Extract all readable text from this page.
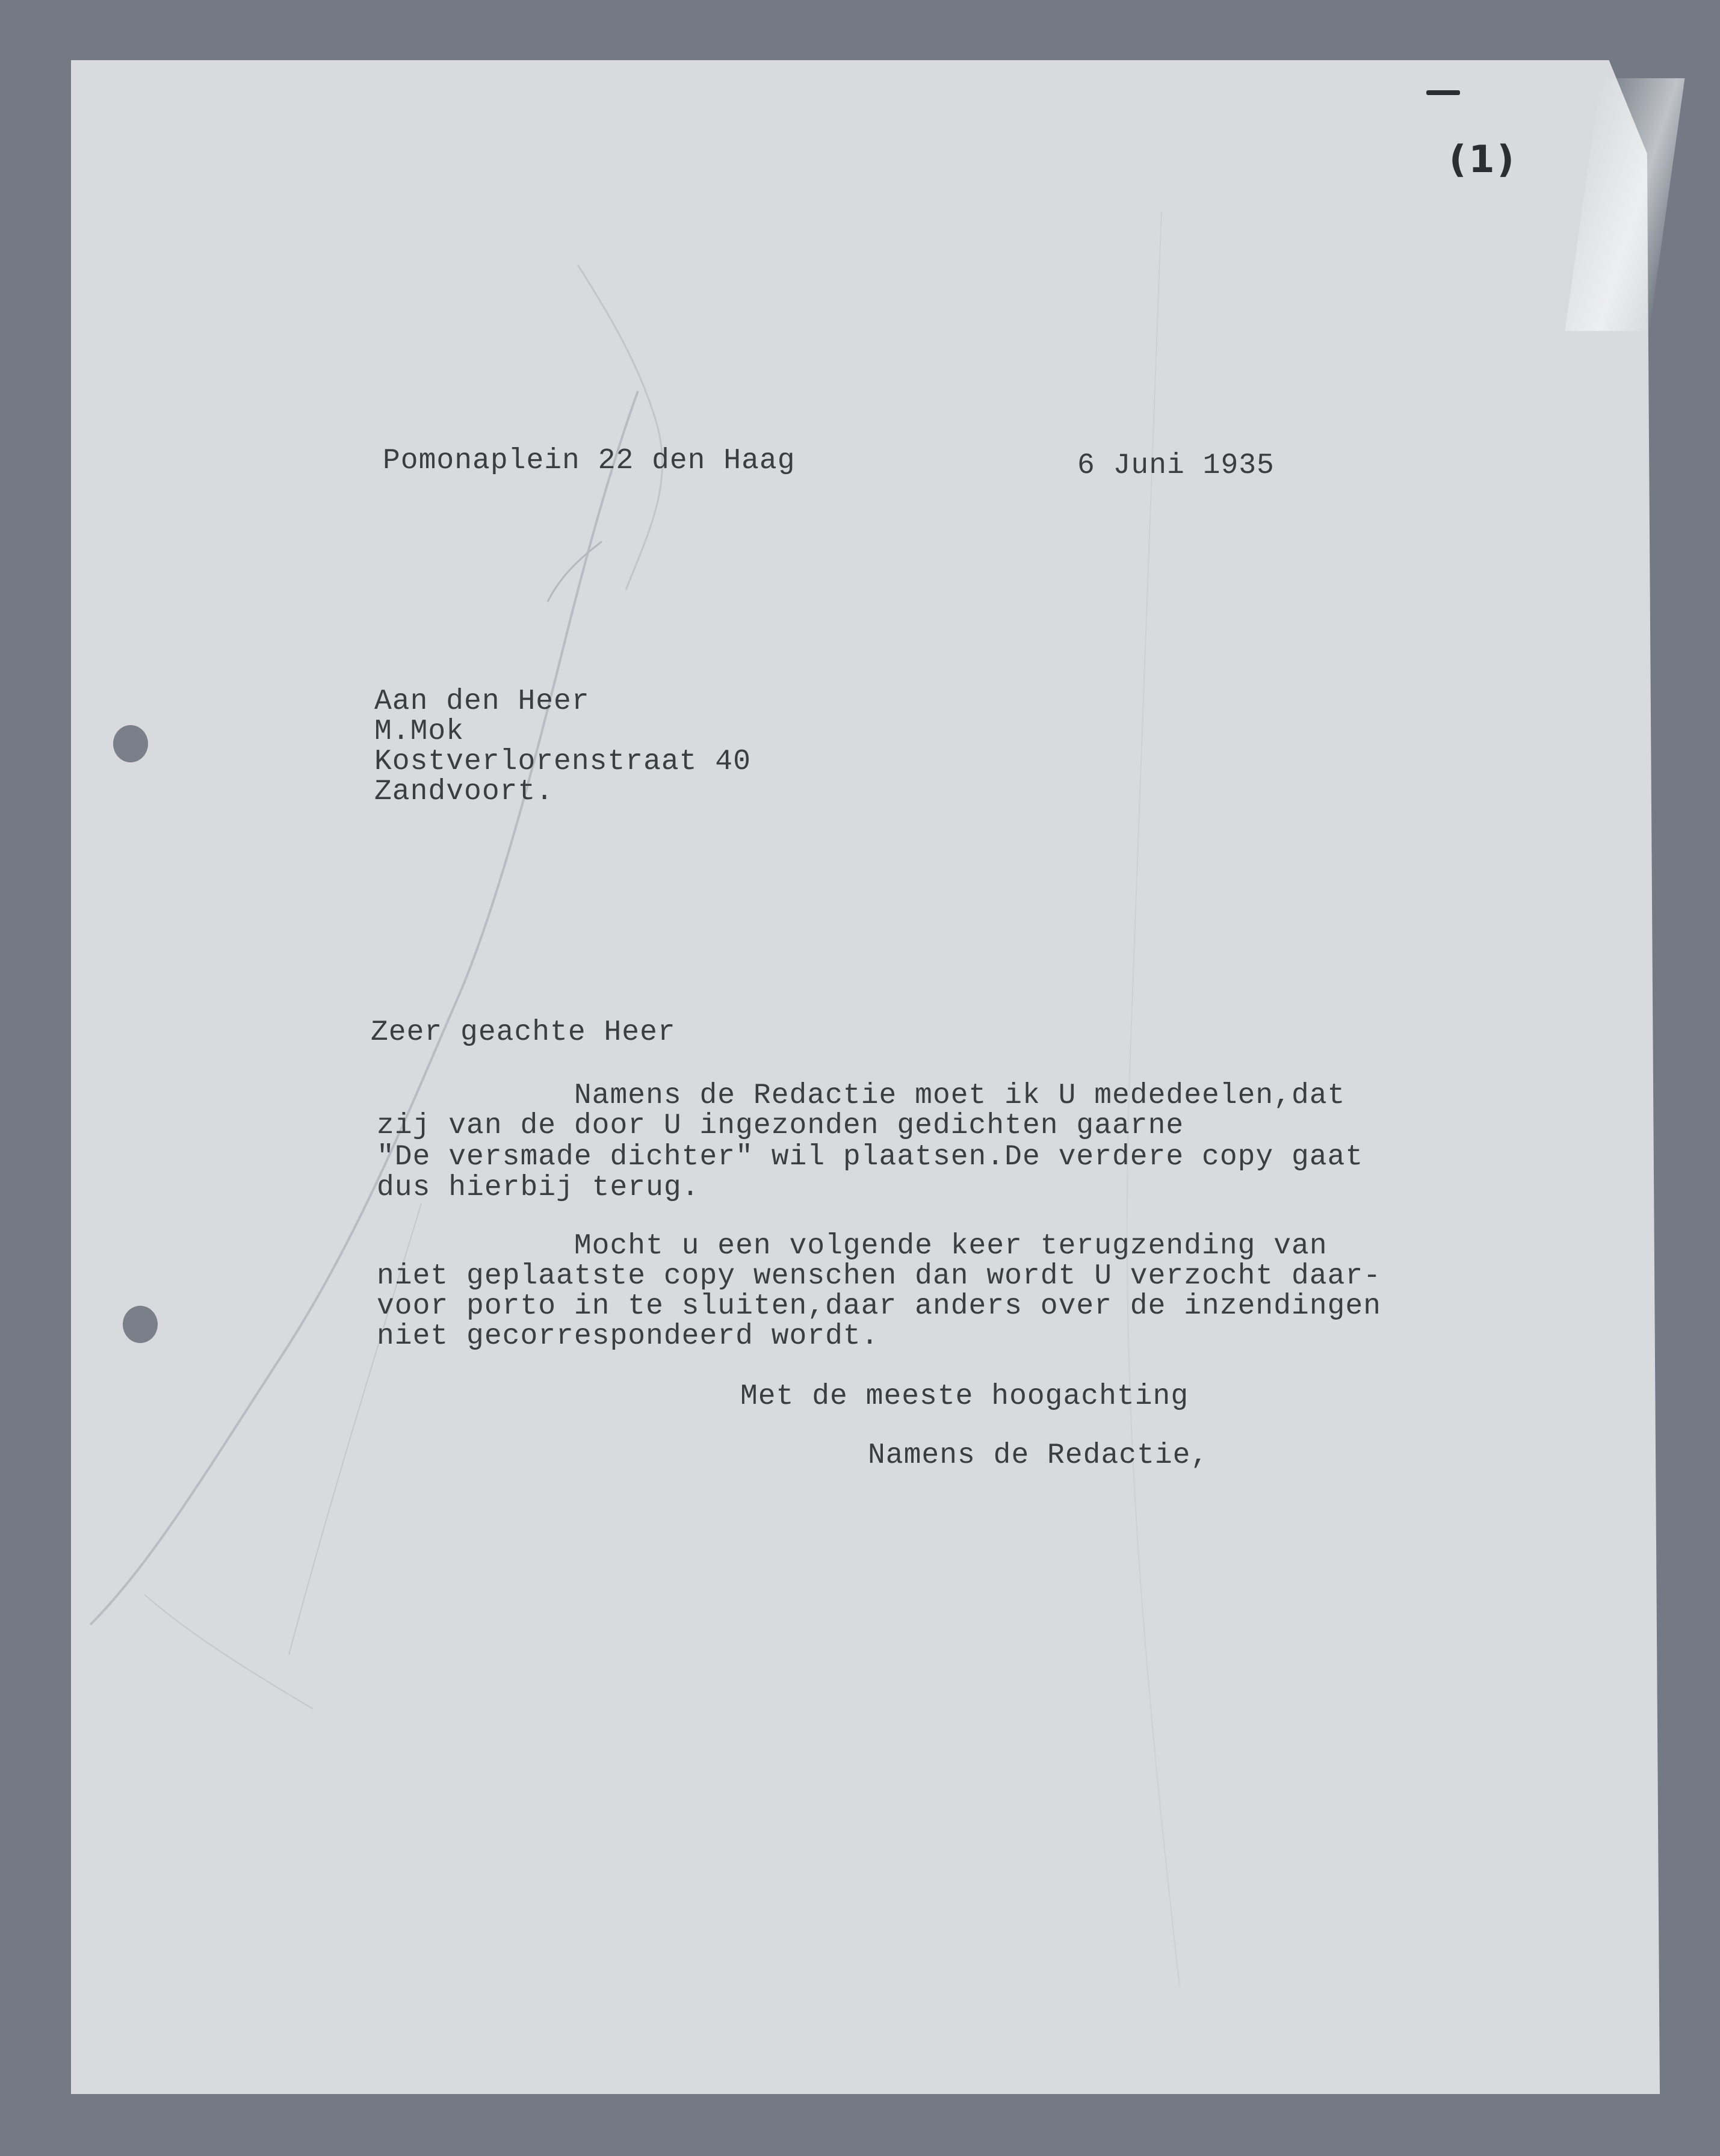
(1)
Pomonaplein 22 den Haag	6 Juni 1935
Aan den Heer
M.Mok
Kostverlorenstraat 40
Zandvoort.
Zeer geachte Heer
Namens de Redactie moet ik U mededeelen,dat
zij van de door U ingezonden gedichten gaarne
"De versmade dichter" wil plaatsen.De verdere copy gaat
dus hierbij terug.
Mocht u een volgende keer terugzending van
niet geplaatste copy wenschen dan wordt U verzocht daar-
voor porto in te sluiten,daar anders over de inzendingen
niet gecorrespondeerd wordt.
Met de meeste hoogachting
Namens de Redactie,
